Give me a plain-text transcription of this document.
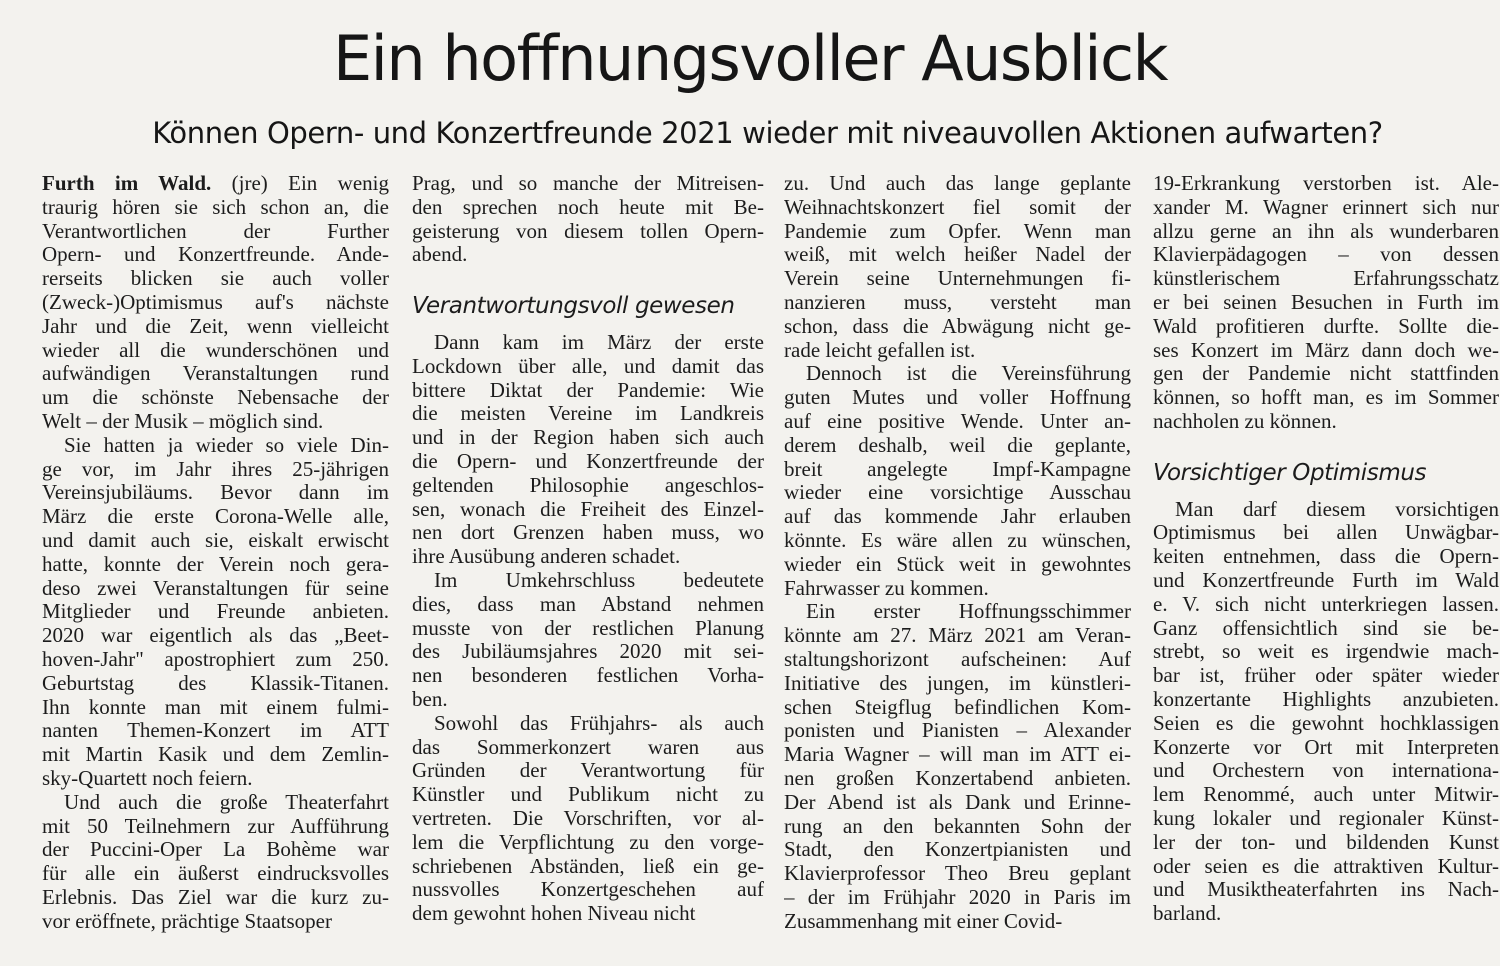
Ein hoffnungsvoller Ausblick
Können Opern- und Konzertfreunde 2021 wieder mit niveauvollen Aktionen aufwarten?
Furth im Wald. (jre) Ein wenig
traurig hören sie sich schon an, die
Verantwortlichen der Further
Opern- und Konzertfreunde. Ande-
rerseits blicken sie auch voller
(Zweck-)Optimismus auf's nächste
Jahr und die Zeit, wenn vielleicht
wieder all die wunderschönen und
aufwändigen Veranstaltungen rund
um die schönste Nebensache der
Welt – der Musik – möglich sind.
Sie hatten ja wieder so viele Din-
ge vor, im Jahr ihres 25-jährigen
Vereinsjubiläums. Bevor dann im
März die erste Corona-Welle alle,
und damit auch sie, eiskalt erwischt
hatte, konnte der Verein noch gera-
deso zwei Veranstaltungen für seine
Mitglieder und Freunde anbieten.
2020 war eigentlich als das „Beet-
hoven-Jahr" apostrophiert zum 250.
Geburtstag des Klassik-Titanen.
Ihn konnte man mit einem fulmi-
nanten Themen-Konzert im ATT
mit Martin Kasik und dem Zemlin-
sky-Quartett noch feiern.
Und auch die große Theaterfahrt
mit 50 Teilnehmern zur Aufführung
der Puccini-Oper La Bohème war
für alle ein äußerst eindrucksvolles
Erlebnis. Das Ziel war die kurz zu-
vor eröffnete, prächtige Staatsoper
Prag, und so manche der Mitreisen-
den sprechen noch heute mit Be-
geisterung von diesem tollen Opern-
abend.
Verantwortungsvoll gewesen
Dann kam im März der erste
Lockdown über alle, und damit das
bittere Diktat der Pandemie: Wie
die meisten Vereine im Landkreis
und in der Region haben sich auch
die Opern- und Konzertfreunde der
geltenden Philosophie angeschlos-
sen, wonach die Freiheit des Einzel-
nen dort Grenzen haben muss, wo
ihre Ausübung anderen schadet.
Im Umkehrschluss bedeutete
dies, dass man Abstand nehmen
musste von der restlichen Planung
des Jubiläumsjahres 2020 mit sei-
nen besonderen festlichen Vorha-
ben.
Sowohl das Frühjahrs- als auch
das Sommerkonzert waren aus
Gründen der Verantwortung für
Künstler und Publikum nicht zu
vertreten. Die Vorschriften, vor al-
lem die Verpflichtung zu den vorge-
schriebenen Abständen, ließ ein ge-
nussvolles Konzertgeschehen auf
dem gewohnt hohen Niveau nicht
zu. Und auch das lange geplante
Weihnachtskonzert fiel somit der
Pandemie zum Opfer. Wenn man
weiß, mit welch heißer Nadel der
Verein seine Unternehmungen fi-
nanzieren muss, versteht man
schon, dass die Abwägung nicht ge-
rade leicht gefallen ist.
Dennoch ist die Vereinsführung
guten Mutes und voller Hoffnung
auf eine positive Wende. Unter an-
derem deshalb, weil die geplante,
breit angelegte Impf-Kampagne
wieder eine vorsichtige Ausschau
auf das kommende Jahr erlauben
könnte. Es wäre allen zu wünschen,
wieder ein Stück weit in gewohntes
Fahrwasser zu kommen.
Ein erster Hoffnungsschimmer
könnte am 27. März 2021 am Veran-
staltungshorizont aufscheinen: Auf
Initiative des jungen, im künstleri-
schen Steigflug befindlichen Kom-
ponisten und Pianisten – Alexander
Maria Wagner – will man im ATT ei-
nen großen Konzertabend anbieten.
Der Abend ist als Dank und Erinne-
rung an den bekannten Sohn der
Stadt, den Konzertpianisten und
Klavierprofessor Theo Breu geplant
– der im Frühjahr 2020 in Paris im
Zusammenhang mit einer Covid-
19-Erkrankung verstorben ist. Ale-
xander M. Wagner erinnert sich nur
allzu gerne an ihn als wunderbaren
Klavierpädagogen – von dessen
künstlerischem Erfahrungsschatz
er bei seinen Besuchen in Furth im
Wald profitieren durfte. Sollte die-
ses Konzert im März dann doch we-
gen der Pandemie nicht stattfinden
können, so hofft man, es im Sommer
nachholen zu können.
Vorsichtiger Optimismus
Man darf diesem vorsichtigen
Optimismus bei allen Unwägbar-
keiten entnehmen, dass die Opern-
und Konzertfreunde Furth im Wald
e. V. sich nicht unterkriegen lassen.
Ganz offensichtlich sind sie be-
strebt, so weit es irgendwie mach-
bar ist, früher oder später wieder
konzertante Highlights anzubieten.
Seien es die gewohnt hochklassigen
Konzerte vor Ort mit Interpreten
und Orchestern von internationa-
lem Renommé, auch unter Mitwir-
kung lokaler und regionaler Künst-
ler der ton- und bildenden Kunst
oder seien es die attraktiven Kultur-
und Musiktheaterfahrten ins Nach-
barland.
